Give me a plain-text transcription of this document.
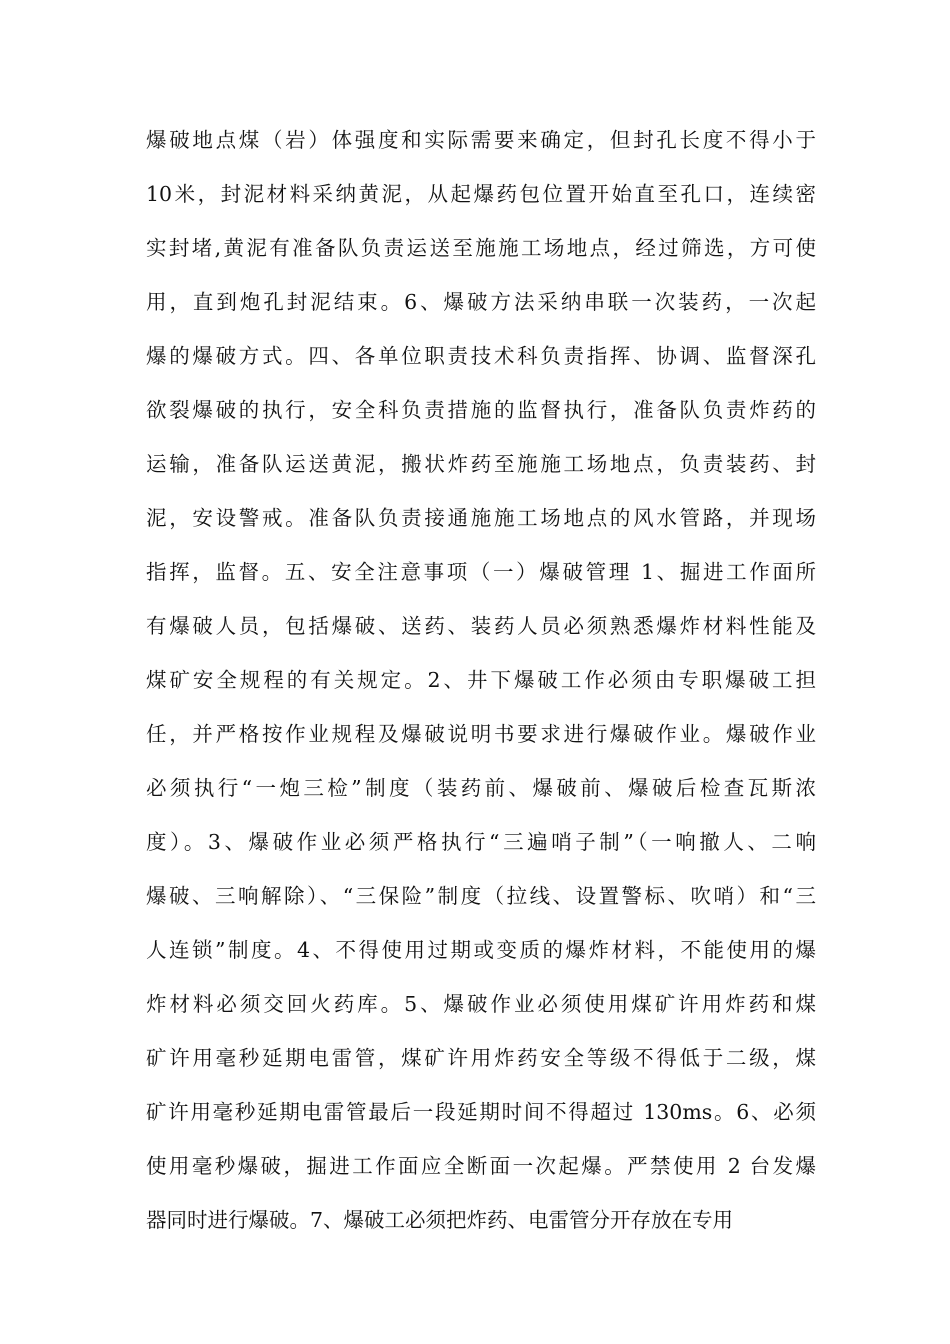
爆破地点煤（岩）体强度和实际需要来确定，但封孔长度不得小于
10米，封泥材料采纳黄泥，从起爆药包位置开始直至孔口，连续密
实封堵,黄泥有准备队负责运送至施施工场地点，经过筛选，方可使
用，直到炮孔封泥结束。6、爆破方法采纳串联一次装药，一次起
爆的爆破方式。四、各单位职责技术科负责指挥、协调、监督深孔
欲裂爆破的执行，安全科负责措施的监督执行，准备队负责炸药的
运输，准备队运送黄泥，搬状炸药至施施工场地点，负责装药、封
泥，安设警戒。准备队负责接通施施工场地点的风水管路，并现场
指挥，监督。五、安全注意事项（一）爆破管理 1、掘进工作面所
有爆破人员，包括爆破、送药、装药人员必须熟悉爆炸材料性能及
煤矿安全规程的有关规定。2、井下爆破工作必须由专职爆破工担
任，并严格按作业规程及爆破说明书要求进行爆破作业。爆破作业
必须执行“一炮三检”制度（装药前、爆破前、爆破后检查瓦斯浓
度）。3、爆破作业必须严格执行“三遍哨子制”（一响撤人、二响
爆破、三响解除）、“三保险”制度（拉线、设置警标、吹哨）和“三
人连锁”制度。4、不得使用过期或变质的爆炸材料，不能使用的爆
炸材料必须交回火药库。5、爆破作业必须使用煤矿许用炸药和煤
矿许用毫秒延期电雷管，煤矿许用炸药安全等级不得低于二级，煤
矿许用毫秒延期电雷管最后一段延期时间不得超过 130ms。6、必须
使用毫秒爆破，掘进工作面应全断面一次起爆。严禁使用 2 台发爆
器同时进行爆破。7、爆破工必须把炸药、电雷管分开存放在专用
